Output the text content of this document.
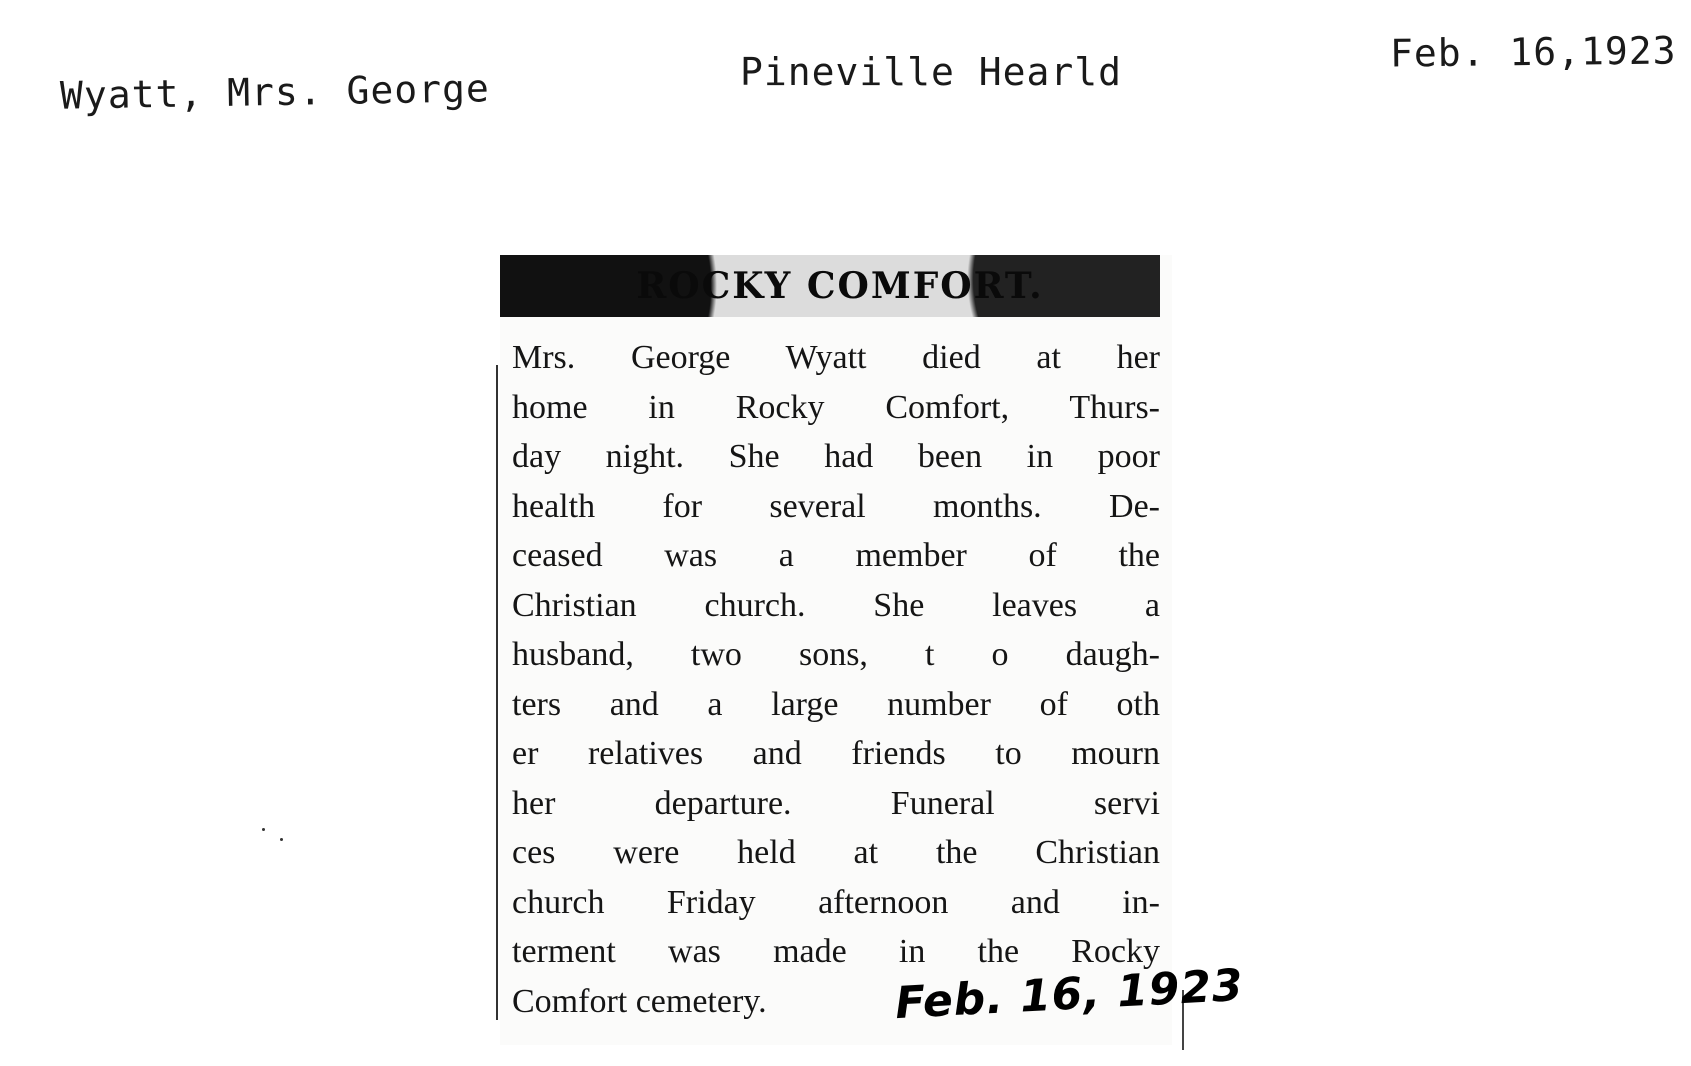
Wyatt, Mrs. George	Pineville Hearld	Feb. 16,1923
ROCKY COMFORT.
Mrs. George Wyatt died at her
home in Rocky Comfort, Thurs-
day night. She had been in poor
health for several months. De-
ceased was a member of the
Christian church. She leaves a
husband, two sons, t o daugh-
ters and a large number of oth
er relatives and friends to mourn
her departure. Funeral servi
ces were held at the Christian
church Friday afternoon and in-
terment was made in the Rocky
Comfort cemetery.	Feb. 16, 1923
